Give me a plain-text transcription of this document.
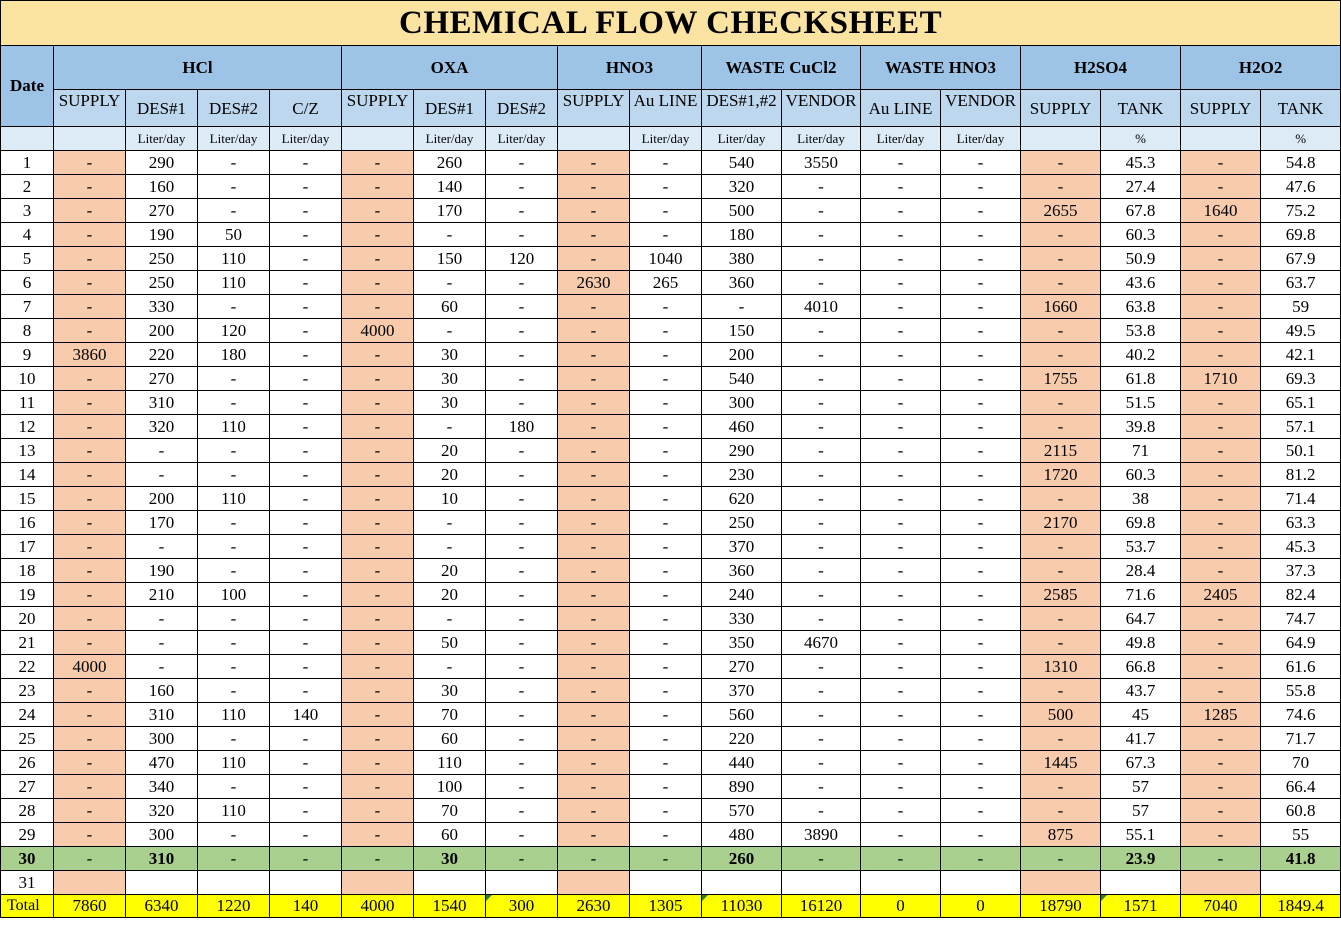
CHEMICAL FLOW CHECKSHEET																	
Date	HCl				OXA			HNO3		WASTE CuCl2		WASTE HNO3		H2SO4		H2O2	
	SUPPLY	DES#1	DES#2	C/Z	SUPPLY	DES#1	DES#2	SUPPLY	Au LINE	DES#1,#2	VENDOR	Au LINE	VENDOR	SUPPLY	TANK	SUPPLY	TANK
		Liter/day	Liter/day	Liter/day		Liter/day	Liter/day		Liter/day	Liter/day	Liter/day	Liter/day	Liter/day		%		%
1	-	290	-	-	-	260	-	-	-	540	3550	-	-	-	45.3	-	54.8
2	-	160	-	-	-	140	-	-	-	320	-	-	-	-	27.4	-	47.6
3	-	270	-	-	-	170	-	-	-	500	-	-	-	2655	67.8	1640	75.2
4	-	190	50	-	-	-	-	-	-	180	-	-	-	-	60.3	-	69.8
5	-	250	110	-	-	150	120	-	1040	380	-	-	-	-	50.9	-	67.9
6	-	250	110	-	-	-	-	2630	265	360	-	-	-	-	43.6	-	63.7
7	-	330	-	-	-	60	-	-	-	-	4010	-	-	1660	63.8	-	59
8	-	200	120	-	4000	-	-	-	-	150	-	-	-	-	53.8	-	49.5
9	3860	220	180	-	-	30	-	-	-	200	-	-	-	-	40.2	-	42.1
10	-	270	-	-	-	30	-	-	-	540	-	-	-	1755	61.8	1710	69.3
11	-	310	-	-	-	30	-	-	-	300	-	-	-	-	51.5	-	65.1
12	-	320	110	-	-	-	180	-	-	460	-	-	-	-	39.8	-	57.1
13	-	-	-	-	-	20	-	-	-	290	-	-	-	2115	71	-	50.1
14	-	-	-	-	-	20	-	-	-	230	-	-	-	1720	60.3	-	81.2
15	-	200	110	-	-	10	-	-	-	620	-	-	-	-	38	-	71.4
16	-	170	-	-	-	-	-	-	-	250	-	-	-	2170	69.8	-	63.3
17	-	-	-	-	-	-	-	-	-	370	-	-	-	-	53.7	-	45.3
18	-	190	-	-	-	20	-	-	-	360	-	-	-	-	28.4	-	37.3
19	-	210	100	-	-	20	-	-	-	240	-	-	-	2585	71.6	2405	82.4
20	-	-	-	-	-	-	-	-	-	330	-	-	-	-	64.7	-	74.7
21	-	-	-	-	-	50	-	-	-	350	4670	-	-	-	49.8	-	64.9
22	4000	-	-	-	-	-	-	-	-	270	-	-	-	1310	66.8	-	61.6
23	-	160	-	-	-	30	-	-	-	370	-	-	-	-	43.7	-	55.8
24	-	310	110	140	-	70	-	-	-	560	-	-	-	500	45	1285	74.6
25	-	300	-	-	-	60	-	-	-	220	-	-	-	-	41.7	-	71.7
26	-	470	110	-	-	110	-	-	-	440	-	-	-	1445	67.3	-	70
27	-	340	-	-	-	100	-	-	-	890	-	-	-	-	57	-	66.4
28	-	320	110	-	-	70	-	-	-	570	-	-	-	-	57	-	60.8
29	-	300	-	-	-	60	-	-	-	480	3890	-	-	875	55.1	-	55
30	-	310	-	-	-	30	-	-	-	260	-	-	-	-	23.9	-	41.8
31																	
Total	7860	6340	1220	140	4000	1540	300	2630	1305	11030	16120	0	0	18790	1571	7040	1849.4
